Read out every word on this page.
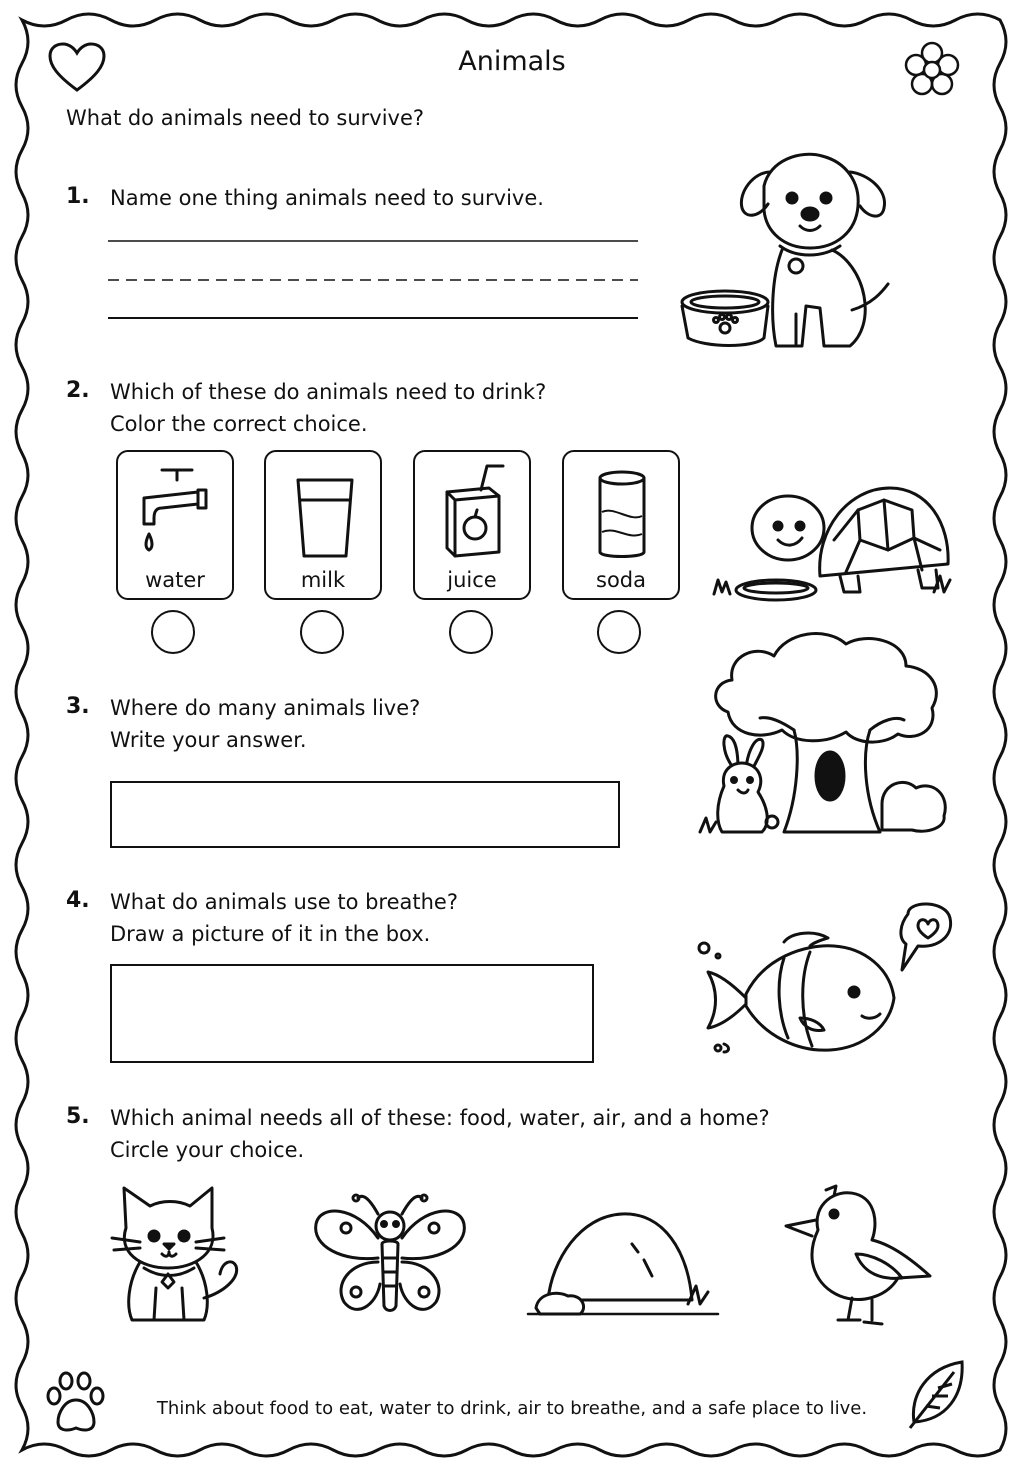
Animals
What do animals need to survive?
1. Name one thing animals need to survive.
2. Which of these do animals need to drink?
Color the correct choice.
water	milk	juice	soda
3. Where do many animals live?
Write your answer.
4. What do animals use to breathe?
Draw a picture of it in the box.
5. Which animal needs all of these: food, water, air, and a home?
Circle your choice.
Think about food to eat, water to drink, air to breathe, and a safe place to live.
